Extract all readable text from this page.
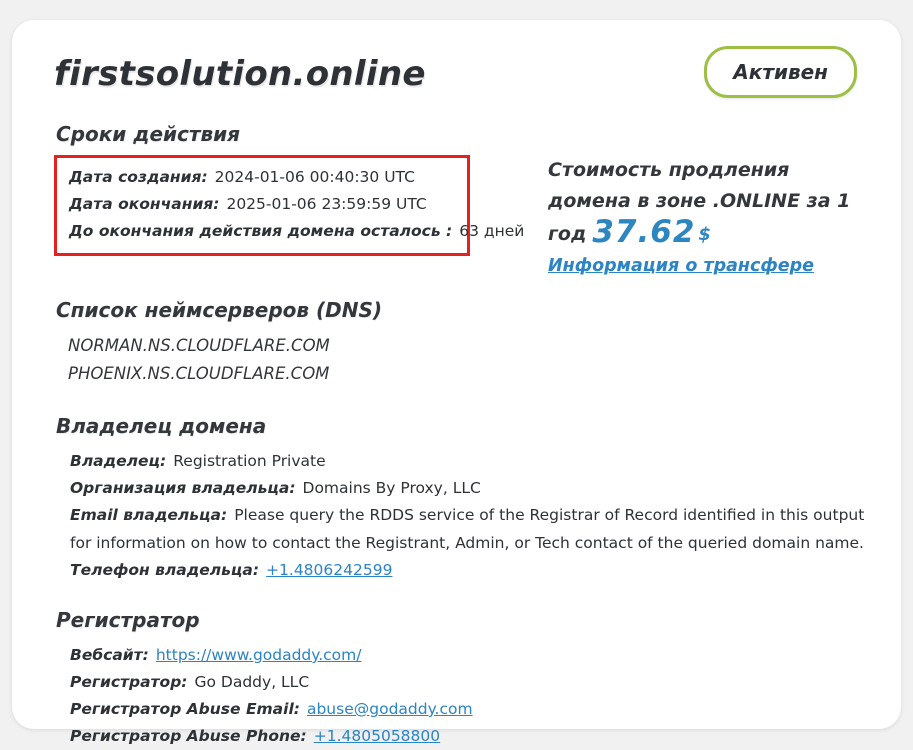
firstsolution.online	Активен
Сроки действия
Дата создания: 2024-01-06 00:40:30 UTC
Дата окончания: 2025-01-06 23:59:59 UTC
До окончания действия домена осталось : 63 дней

Стоимость продления домена в зоне .ONLINE за 1 год 37.62 $

Информация о трансфере
Список неймсерверов (DNS)
NORMAN.NS.CLOUDFLARE.COM
PHOENIX.NS.CLOUDFLARE.COM
Владелец домена
Владелец: Registration Private
Организация владельца: Domains By Proxy, LLC
Email владельца: Please query the RDDS service of the Registrar of Record identified in this output for information on how to contact the Registrant, Admin, or Tech contact of the queried domain name.
Телефон владельца: +1.4806242599
Регистратор
Вебсайт: https://www.godaddy.com/
Регистратор: Go Daddy, LLC
Регистратор Abuse Email: abuse@godaddy.com
Регистратор Abuse Phone: +1.4805058800
